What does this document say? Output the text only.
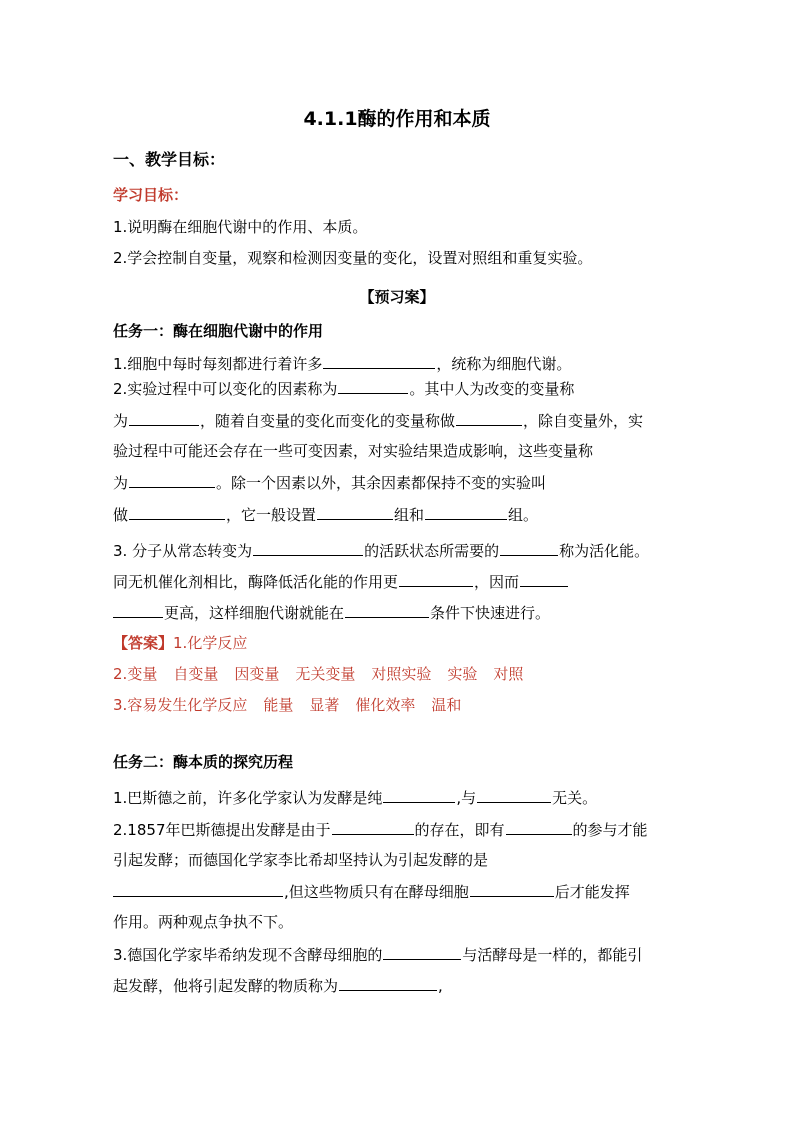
4.1.1酶的作用和本质
一、教学目标：
学习目标：
1.说明酶在细胞代谢中的作用、本质。
2.学会控制自变量，观察和检测因变量的变化，设置对照组和重复实验。
【预习案】
任务一：酶在细胞代谢中的作用
1.细胞中每时每刻都进行着许多	，统称为细胞代谢。
2.实验过程中可以变化的因素称为	。其中人为改变的变量称
为	，随着自变量的变化而变化的变量称做	，除自变量外，实
验过程中可能还会存在一些可变因素，对实验结果造成影响，这些变量称
为	。除一个因素以外，其余因素都保持不变的实验叫
做	，它一般设置	组和	组。
3. 分子从常态转变为	的活跃状态所需要的	称为活化能。
同无机催化剂相比，酶降低活化能的作用更	，因而
更高，这样细胞代谢就能在	条件下快速进行。
【答案】1.化学反应
2.变量 自变量 因变量 无关变量 对照实验 实验 对照
3.容易发生化学反应 能量 显著 催化效率 温和
任务二：酶本质的探究历程
1.巴斯德之前，许多化学家认为发酵是纯	,与	无关。
2.1857年巴斯德提出发酵是由于	的存在，即有	的参与才能
引起发酵；而德国化学家李比希却坚持认为引起发酵的是
,但这些物质只有在酵母细胞	后才能发挥
作用。两种观点争执不下。
3.德国化学家毕希纳发现不含酵母细胞的	与活酵母是一样的，都能引
起发酵，他将引起发酵的物质称为	,
